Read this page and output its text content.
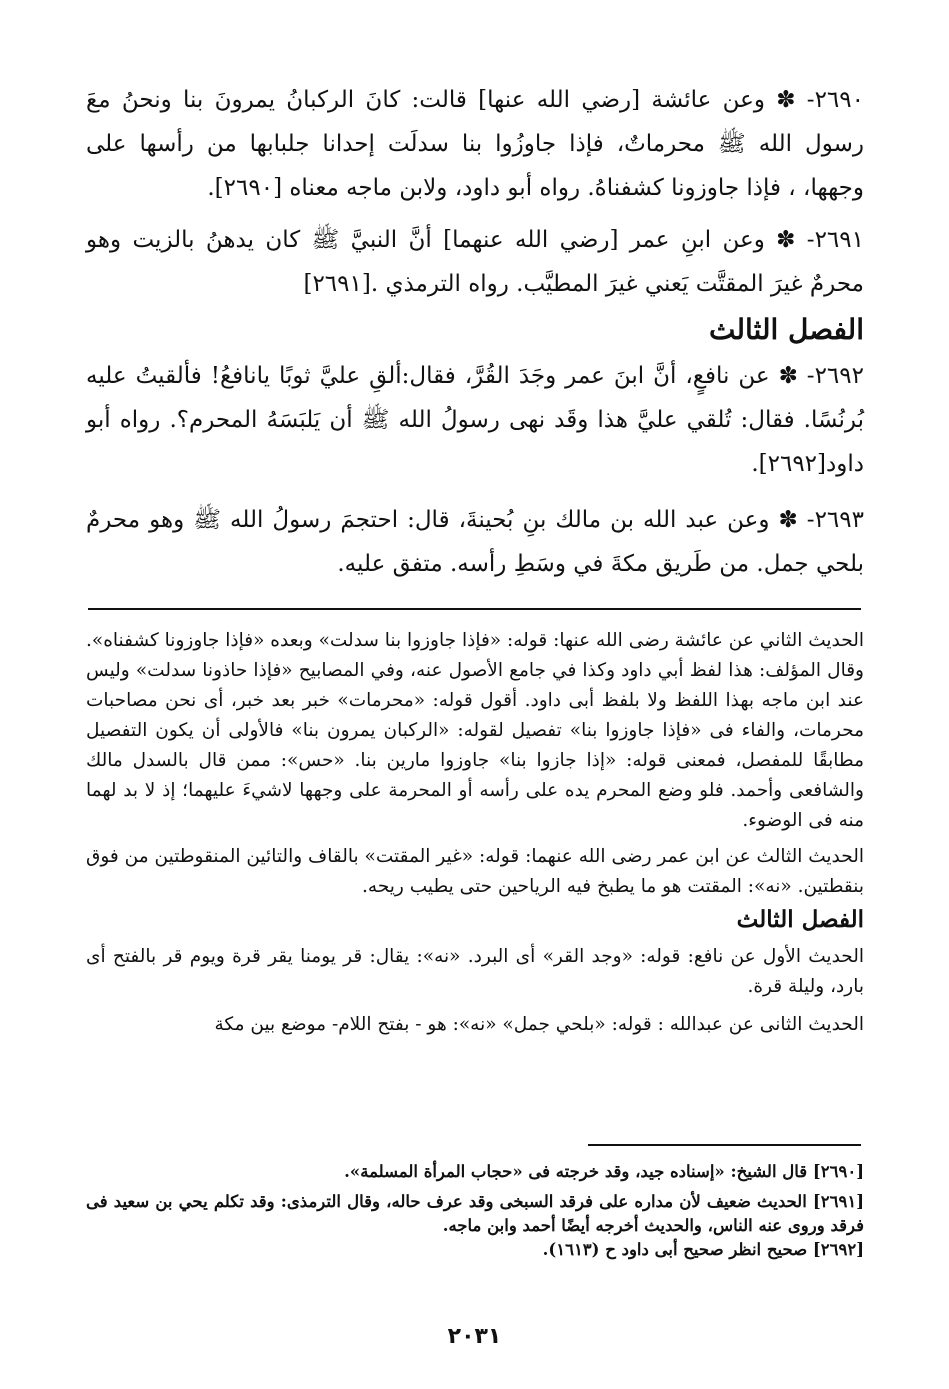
٢٦٩٠- ✽ وعن عائشة [رضي الله عنها] قالت: كانَ الركبانُ يمرونَ بنا ونحنُ معَ رسول الله ﷺ محرماتٌ، فإذا جاوزُوا بنا سدلَت إحدانا جلبابها من رأسها على وجهها، ، فإذا جاوزونا كشفناهُ. رواه أبو داود، ولابن ماجه معناه [٢٦٩٠].

٢٦٩١- ✽ وعن ابنِ عمر [رضي الله عنهما] أنَّ النبيَّ ﷺ كان يدهنُ بالزيت وهو محرمٌ غيرَ المقتَّت يَعني غيرَ المطيَّب. رواه الترمذي .[٢٦٩١]

الفصل الثالث

٢٦٩٢- ✽ عن نافعٍ، أنَّ ابنَ عمر وجَدَ القُرَّ، فقال:ألقِ عليَّ ثوبًا يانافعُ! فألقيتُ عليه بُرنُسًا. فقال: تُلقي عليَّ هذا وقَد نهى رسولُ الله ﷺ أن يَلبَسَهُ المحرم؟. رواه أبو داود[٢٦٩٢].

٢٦٩٣- ✽ وعن عبد الله بن مالك بنِ بُحينةَ، قال: احتجمَ رسولُ الله ﷺ وهو محرمٌ بلحي جمل. من طَريق مكةَ في وسَطِ رأسه. متفق عليه.

الحديث الثاني عن عائشة رضى الله عنها: قوله: «فإذا جاوزوا بنا سدلت» وبعده «فإذا جاوزونا كشفناه». وقال المؤلف: هذا لفظ أبي داود وكذا في جامع الأصول عنه، وفي المصابيح «فإذا حاذونا سدلت» وليس عند ابن ماجه بهذا اللفظ ولا بلفظ أبى داود. أقول قوله: «محرمات» خبر بعد خبر، أى نحن مصاحبات محرمات، والفاء فى «فإذا جاوزوا بنا» تفصيل لقوله: «الركبان يمرون بنا» فالأولى أن يكون التفصيل مطابقًا للمفصل، فمعنى قوله: «إذا جازوا بنا» جاوزوا مارين بنا. «حس»: ممن قال بالسدل مالك والشافعى وأحمد. فلو وضع المحرم يده على رأسه أو المحرمة على وجهها لاشيءَ عليهما؛ إذ لا بد لهما منه فى الوضوء.

الحديث الثالث عن ابن عمر رضى الله عنهما: قوله: «غير المقتت» بالقاف والتائين المنقوطتين من فوق بنقطتين. «نه»: المقتت هو ما يطبخ فيه الرياحين حتى يطيب ريحه.

الفصل الثالث

الحديث الأول عن نافع: قوله: «وجد القر» أى البرد. «نه»: يقال: قر يومنا يقر قرة ويوم قر بالفتح أى بارد، وليلة قرة.

الحديث الثانى عن عبدالله : قوله: «بلحي جمل» «نه»: هو - بفتح اللام- موضع بين مكة

[٢٦٩٠] قال الشيخ: «إسناده جيد، وقد خرجته فى «حجاب المرأة المسلمة».

[٢٦٩١] الحديث ضعيف لأن مداره على فرقد السبخى وقد عرف حاله، وقال الترمذى: وقد تكلم يحي بن سعيد فى فرقد وروى عنه الناس، والحديث أخرجه أيضًا أحمد وابن ماجه.

[٢٦٩٢] صحيح انظر صحيح أبى داود ح (١٦١٣).

٢٠٣١
